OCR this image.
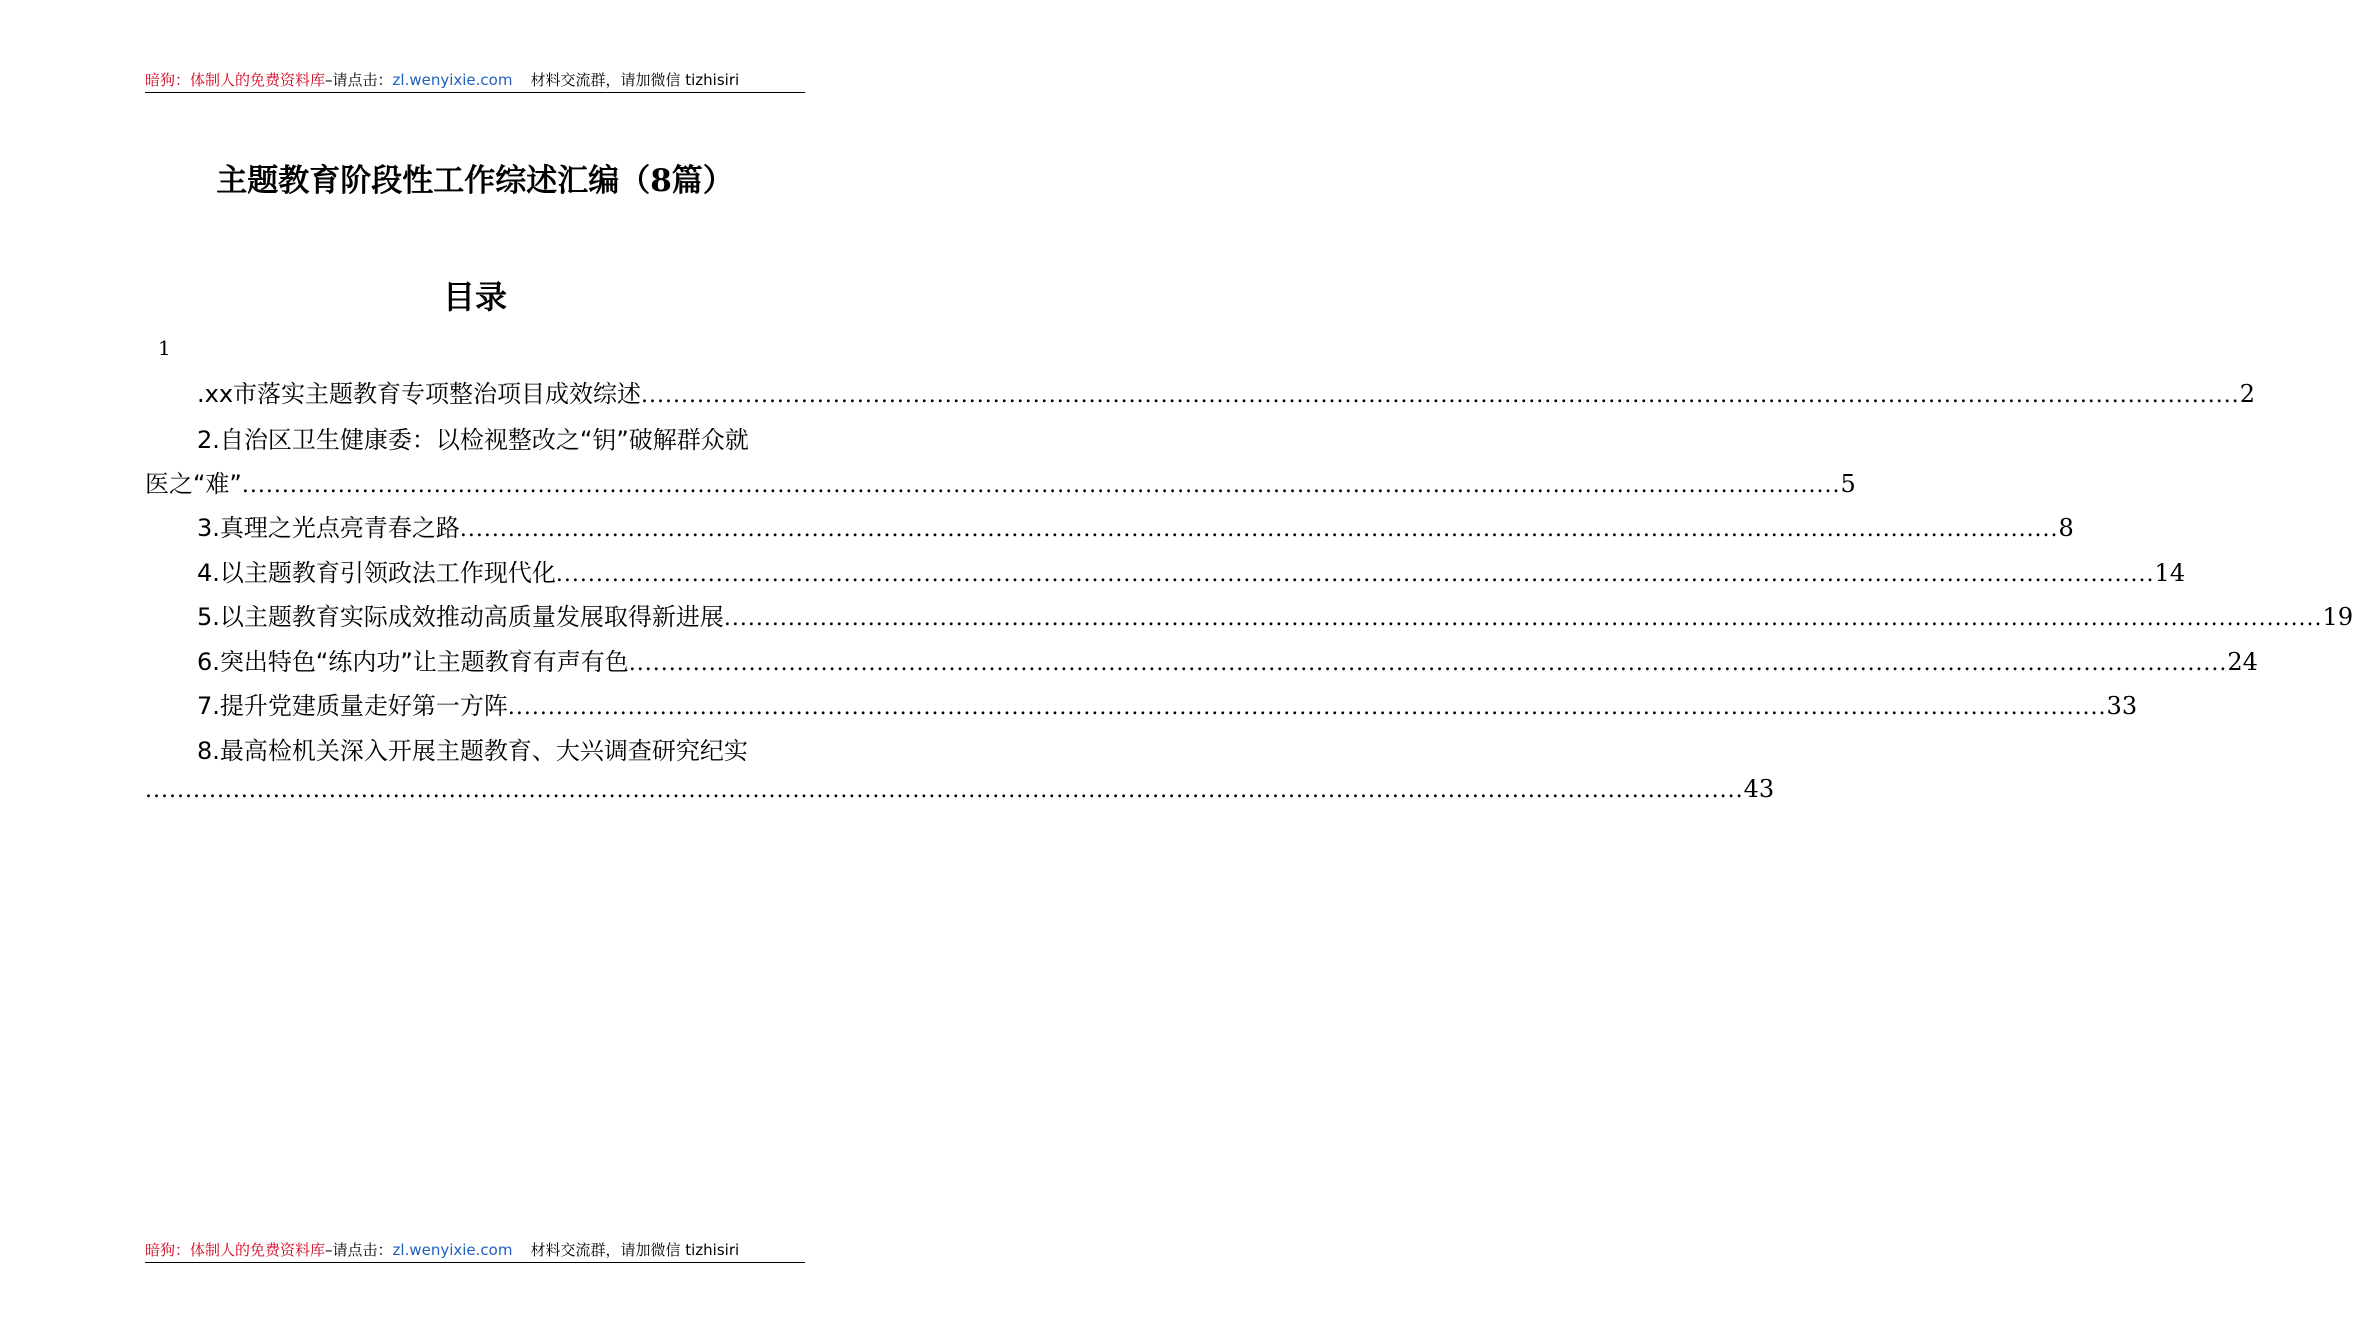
暗狗：体制人的免费资料库–请点击：zl.wenyixie.com 材料交流群，请加微信 tizhisiri
主题教育阶段性工作综述汇编（8篇）
目录
1
.xx市落实主题教育专项整治项目成效综述 ........................................................................................................................................................................................................ 2
2.自治区卫生健康委：以检视整改之“钥”破解群众就
医之“难” ........................................................................................................................................................................................................ 5
3.真理之光点亮青春之路 ........................................................................................................................................................................................................ 8
4.以主题教育引领政法工作现代化 ........................................................................................................................................................................................................ 14
5.以主题教育实际成效推动高质量发展取得新进展 ........................................................................................................................................................................................................ 19
6.突出特色“练内功”让主题教育有声有色 ........................................................................................................................................................................................................ 24
7.提升党建质量走好第一方阵 ........................................................................................................................................................................................................ 33
8.最高检机关深入开展主题教育、大兴调查研究纪实
........................................................................................................................................................................................................ 43
暗狗：体制人的免费资料库–请点击：zl.wenyixie.com 材料交流群，请加微信 tizhisiri
